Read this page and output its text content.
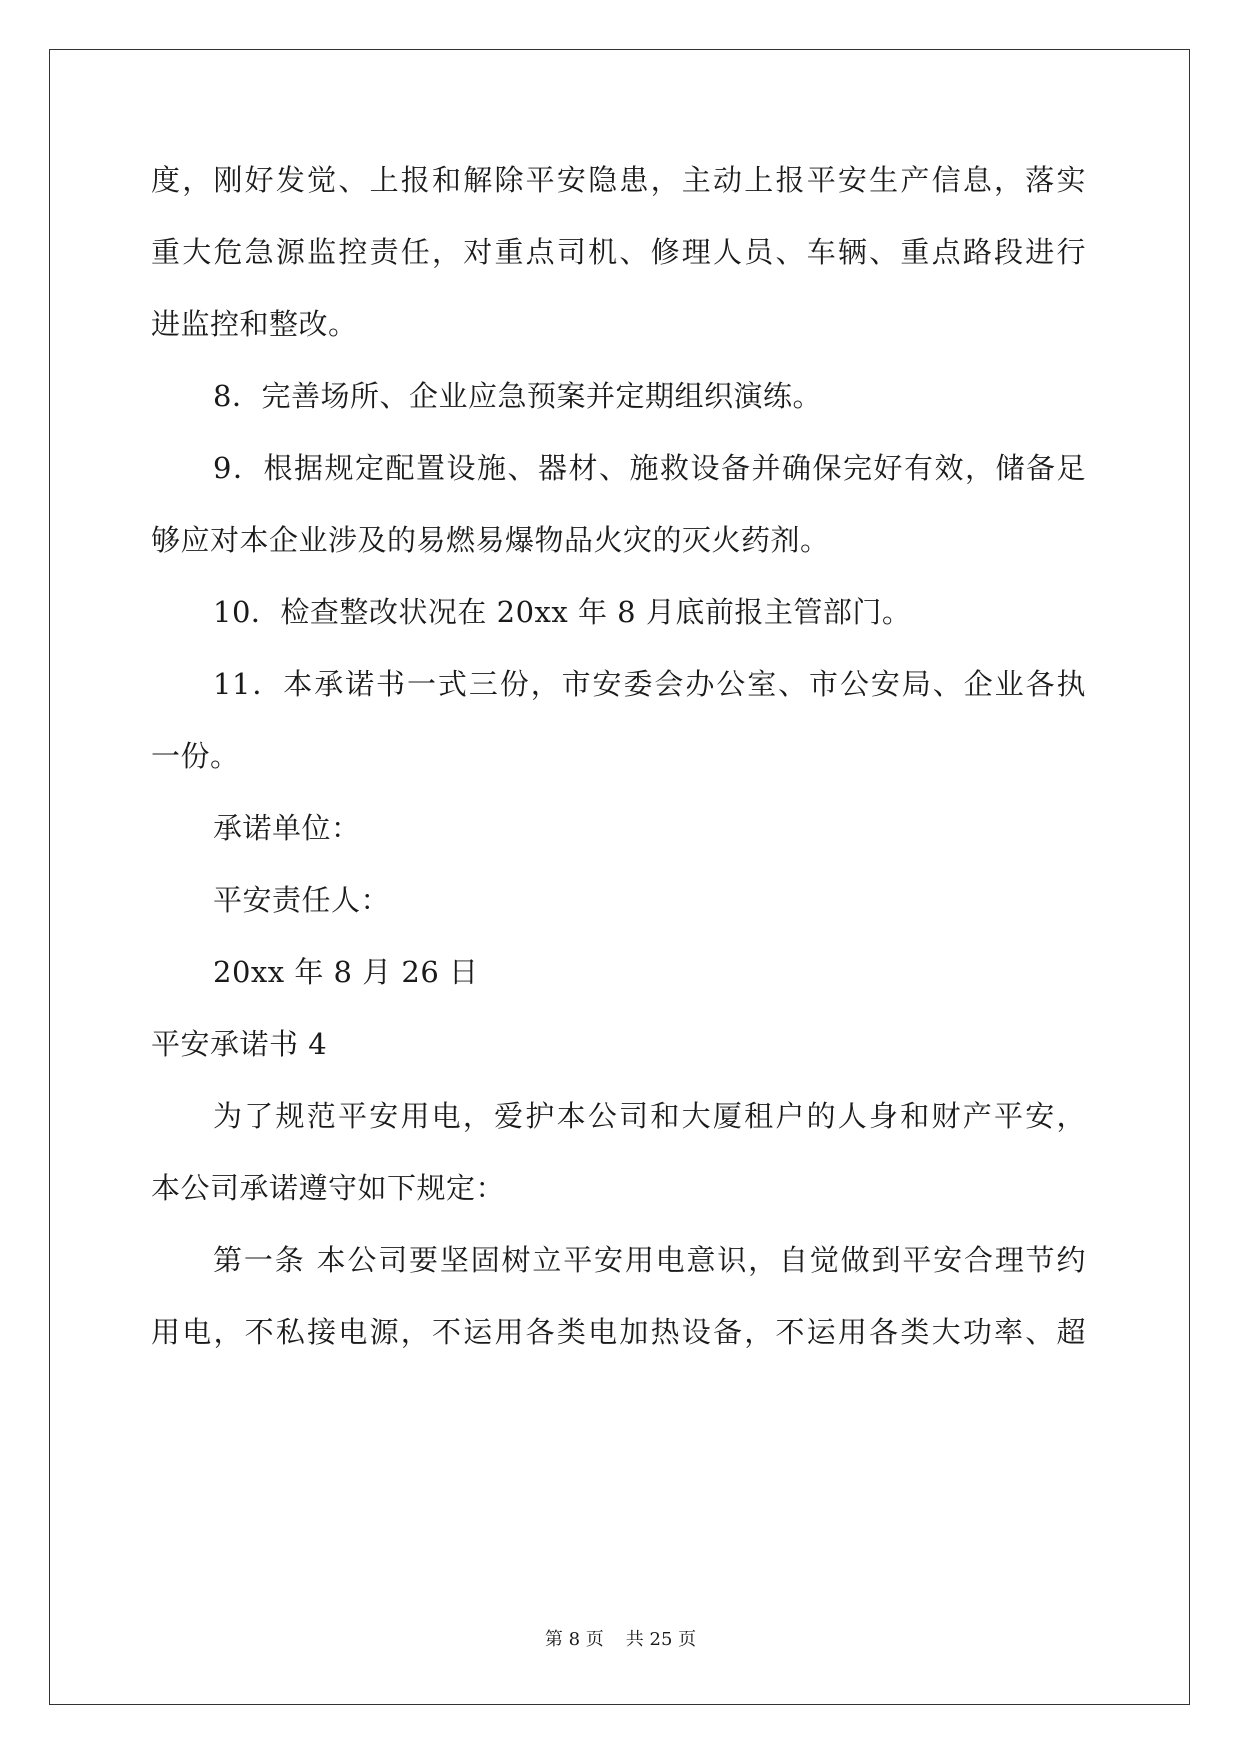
度，刚好发觉、上报和解除平安隐患，主动上报平安生产信息，落实
重大危急源监控责任，对重点司机、修理人员、车辆、重点路段进行
进监控和整改。
8．完善场所、企业应急预案并定期组织演练。
9．根据规定配置设施、器材、施救设备并确保完好有效，储备足
够应对本企业涉及的易燃易爆物品火灾的灭火药剂。
10．检查整改状况在 20xx 年 8 月底前报主管部门。
11．本承诺书一式三份，市安委会办公室、市公安局、企业各执
一份。
承诺单位：
平安责任人：
20xx 年 8 月 26 日
平安承诺书 4
为了规范平安用电，爱护本公司和大厦租户的人身和财产平安，
本公司承诺遵守如下规定：
第一条 本公司要坚固树立平安用电意识，自觉做到平安合理节约
用电，不私接电源，不运用各类电加热设备，不运用各类大功率、超
第 8 页 共 25 页
